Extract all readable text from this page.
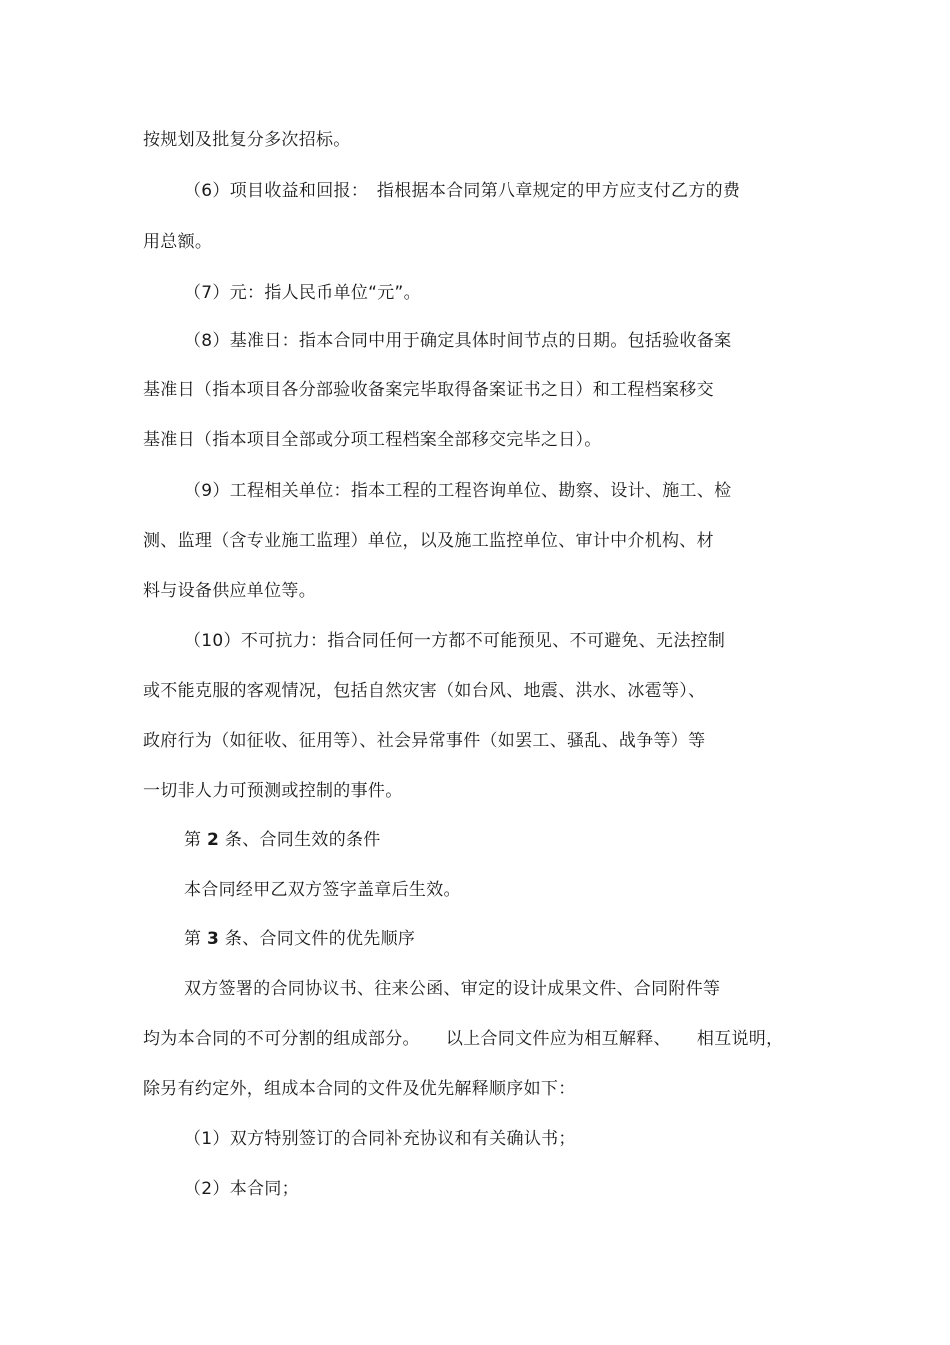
按规划及批复分多次招标。
（6）项目收益和回报：　指根据本合同第八章规定的甲方应支付乙方的费
用总额。
（7）元：指人民币单位“元”。
（8）基准日：指本合同中用于确定具体时间节点的日期。包括验收备案
基准日（指本项目各分部验收备案完毕取得备案证书之日）和工程档案移交
基准日（指本项目全部或分项工程档案全部移交完毕之日）。
（9）工程相关单位：指本工程的工程咨询单位、勘察、设计、施工、检
测、监理（含专业施工监理）单位，以及施工监控单位、审计中介机构、材
料与设备供应单位等。
（10）不可抗力：指合同任何一方都不可能预见、不可避免、无法控制
或不能克服的客观情况，包括自然灾害（如台风、地震、洪水、冰雹等）、
政府行为（如征收、征用等）、社会异常事件（如罢工、骚乱、战争等）等
一切非人力可预测或控制的事件。
第 2 条、合同生效的条件
本合同经甲乙双方签字盖章后生效。
第 3 条、合同文件的优先顺序
双方签署的合同协议书、往来公函、审定的设计成果文件、合同附件等
均为本合同的不可分割的组成部分。　　以上合同文件应为相互解释、　　相互说明，
除另有约定外，组成本合同的文件及优先解释顺序如下：
（1）双方特别签订的合同补充协议和有关确认书；
（2）本合同；
